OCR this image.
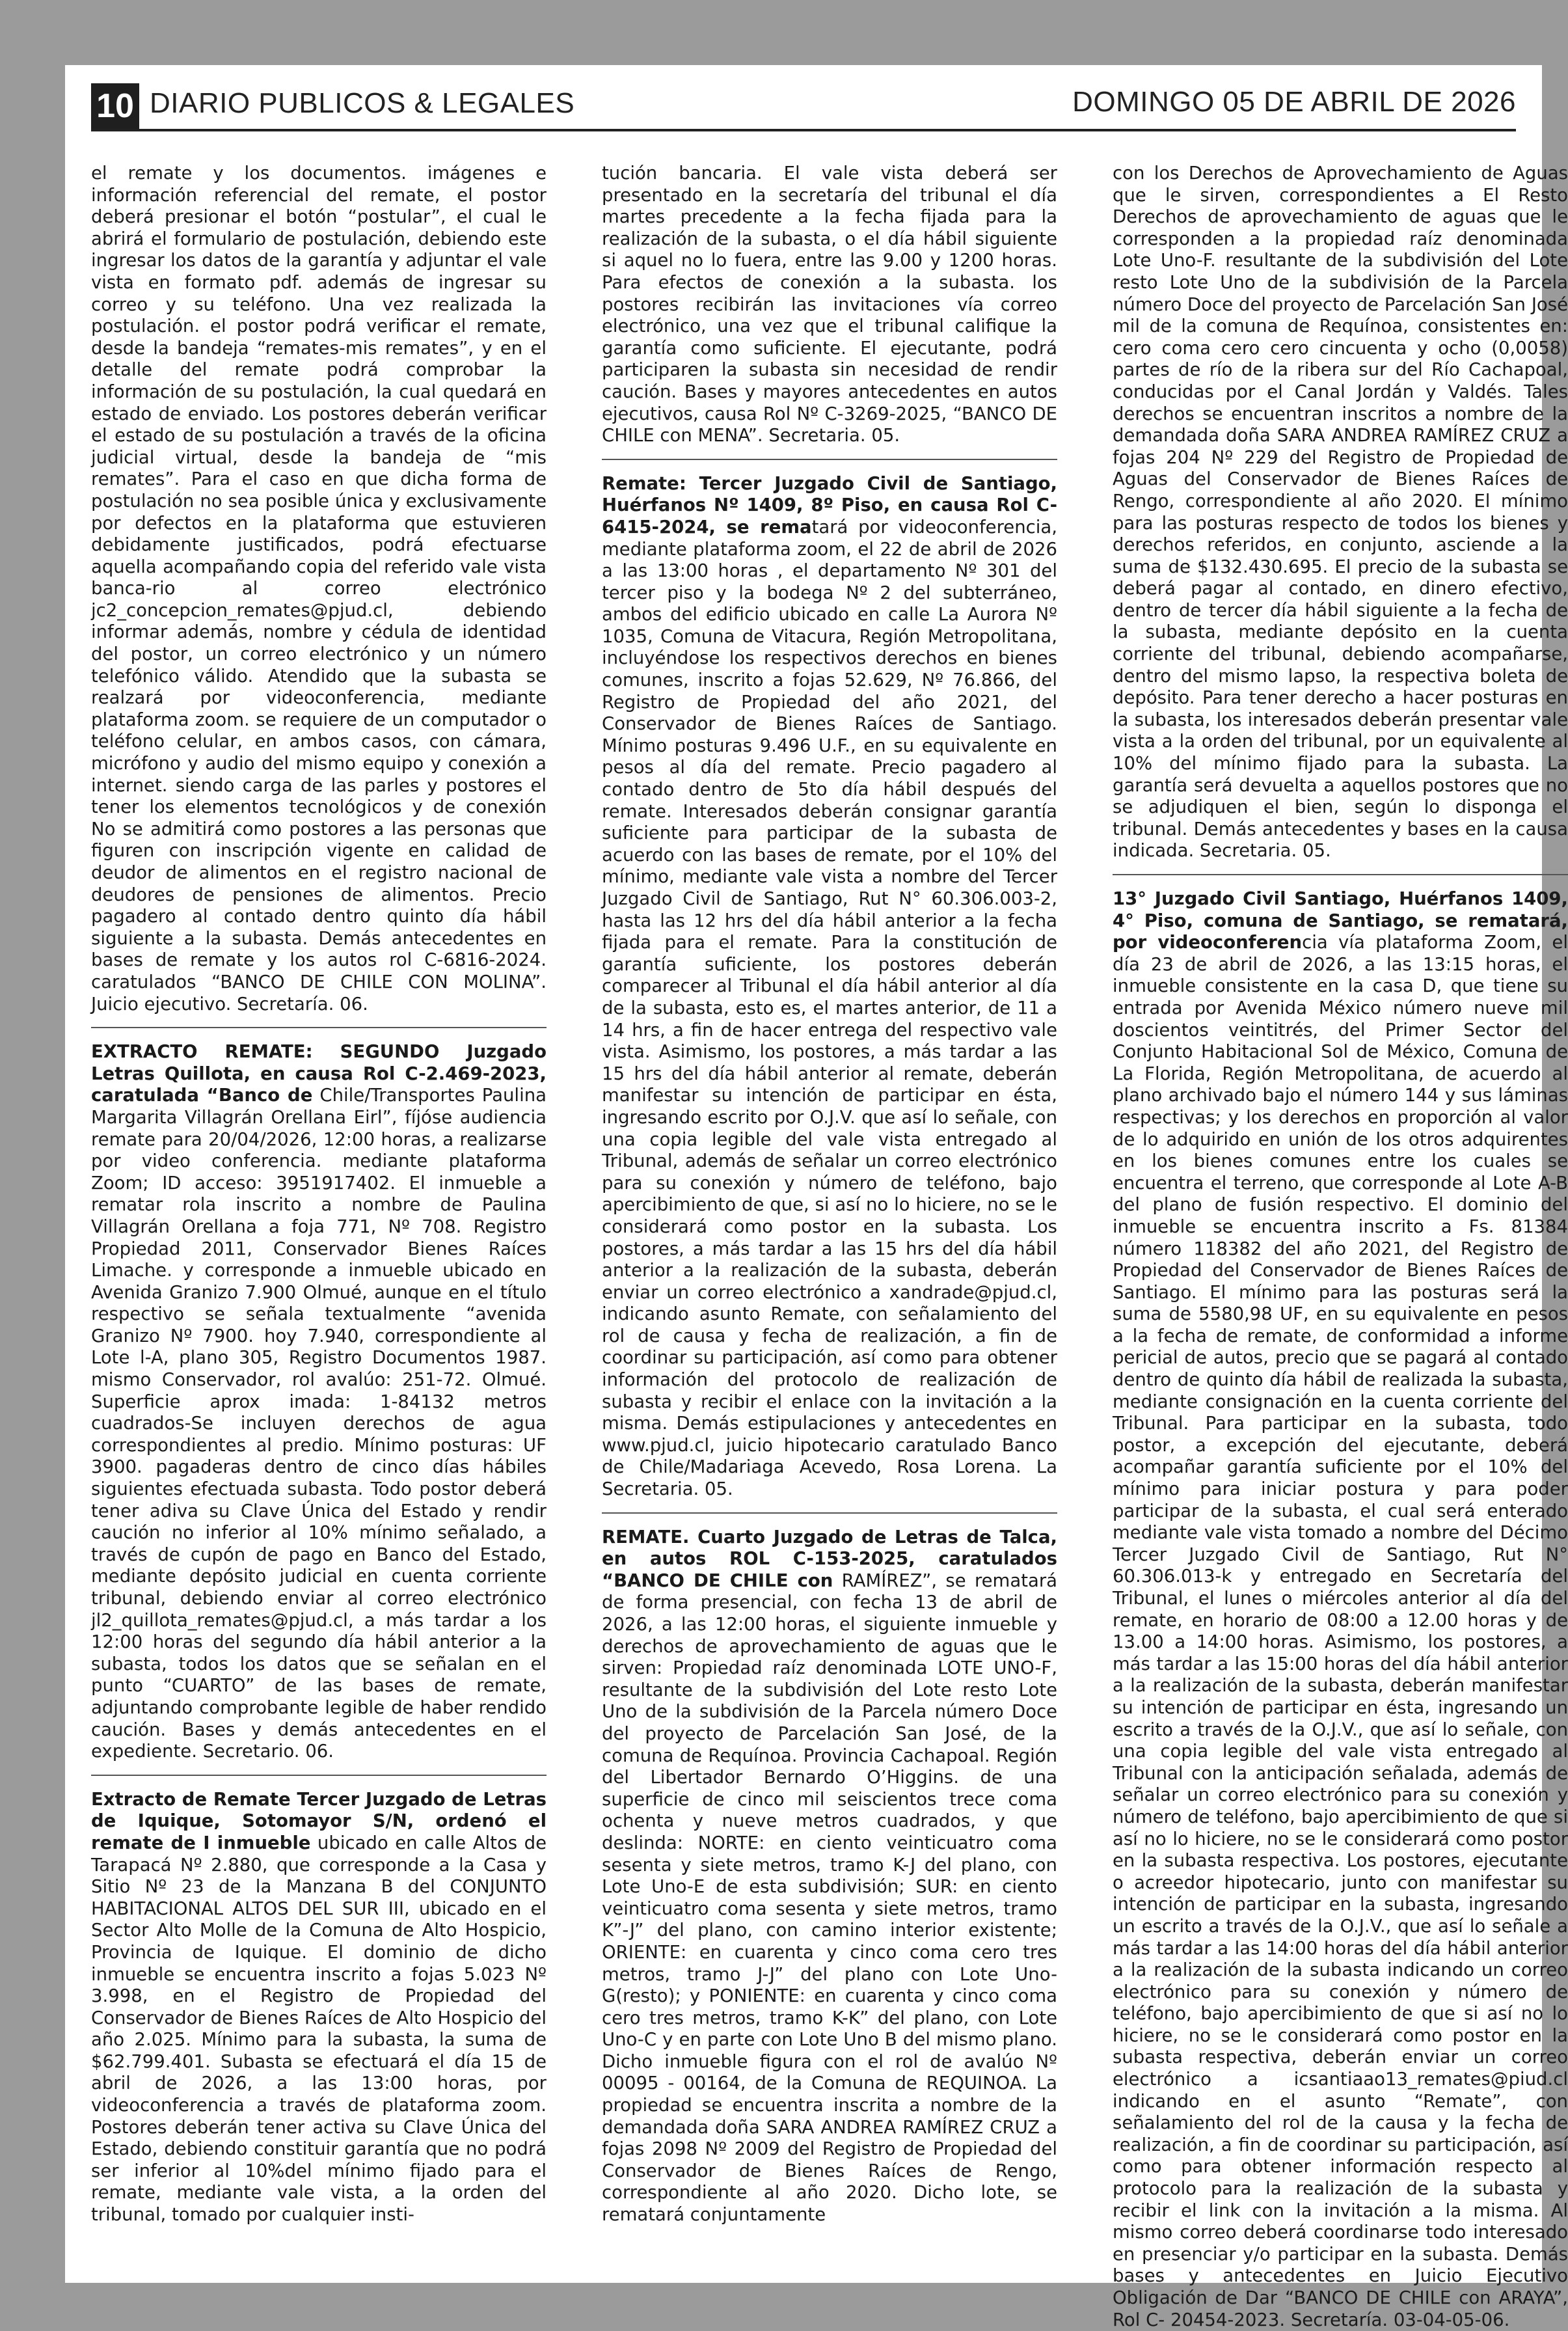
10 DIARIO PUBLICOS & LEGALES	DOMINGO 05 DE ABRIL DE 2026

el remate y los documentos. imágenes e información referencial del remate, el postor deberá presionar el botón “postular”, el cual le abrirá el formulario de postulación, debiendo este ingresar los datos de la garantía y adjuntar el vale vista en formato pdf. además de ingresar su correo y su teléfono. Una vez realizada la postulación. el postor podrá verificar el remate, desde la bandeja “remates-mis remates”, y en el detalle del remate podrá comprobar la información de su postulación, la cual quedará en estado de enviado. Los postores deberán verificar el estado de su postulación a través de la oficina judicial virtual, desde la bandeja de “mis remates”. Para el caso en que dicha forma de postulación no sea posible única y exclusivamente por defectos en la plataforma que estuvieren debidamente justificados, podrá efectuarse aquella acompañando copia del referido vale vista banca-rio al correo electrónico jc2_concepcion_remates@pjud.cl, debiendo informar además, nombre y cédula de identidad del postor, un correo electrónico y un número telefónico válido. Atendido que la subasta se realzará por videoconferencia, mediante plataforma zoom. se requiere de un computador o teléfono celular, en ambos casos, con cámara, micrófono y audio del mismo equipo y conexión a internet. siendo carga de las parles y postores el tener los elementos tecnológicos y de conexión No se admitirá como postores a las personas que figuren con inscripción vigente en calidad de deudor de alimentos en el registro nacional de deudores de pensiones de alimentos. Precio pagadero al contado dentro quinto día hábil siguiente a la subasta. Demás antecedentes en bases de remate y los autos rol C-6816-2024. caratulados “BANCO DE CHILE CON MOLINA”. Juicio ejecutivo. Secretaría. 06.

EXTRACTO REMATE: SEGUNDO Juzgado Letras Quillota, en causa Rol C-2.469-2023, caratulada “Banco de Chile/Transportes Paulina Margarita Villagrán Orellana Eirl”, fíjóse audiencia remate para 20/04/2026, 12:00 horas, a realizarse por video conferencia. mediante plataforma Zoom; ID acceso: 3951917402. El inmueble a rematar rola inscrito a nombre de Paulina Villagrán Orellana a foja 771, Nº 708. Registro Propiedad 2011, Conservador Bienes Raíces Limache. y corresponde a inmueble ubicado en Avenida Granizo 7.900 Olmué, aunque en el título respectivo se señala textualmente “avenida Granizo Nº 7900. hoy 7.940, correspondiente al Lote l-A, plano 305, Registro Documentos 1987. mismo Conservador, rol avalúo: 251-72. Olmué. Superficie aprox imada: 1-84132 metros cuadrados-Se incluyen derechos de agua correspondientes al predio. Mínimo posturas: UF 3900. pagaderas dentro de cinco días hábiles siguientes efectuada subasta. Todo postor deberá tener adiva su Clave Única del Estado y rendir caución no inferior al 10% mínimo señalado, a través de cupón de pago en Banco del Estado, mediante depósito judicial en cuenta corriente tribunal, debiendo enviar al correo electrónico jl2_quillota_remates@pjud.cl, a más tardar a los 12:00 horas del segundo día hábil anterior a la subasta, todos los datos que se señalan en el punto “CUARTO” de las bases de remate, adjuntando comprobante legible de haber rendido caución. Bases y demás antecedentes en el expediente. Secretario. 06.

Extracto de Remate Tercer Juzgado de Letras de Iquique, Sotomayor S/N, ordenó el remate de I inmueble ubicado en calle Altos de Tarapacá Nº 2.880, que corresponde a la Casa y Sitio Nº 23 de la Manzana B del CONJUNTO HABITACIONAL ALTOS DEL SUR III, ubicado en el Sector Alto Molle de la Comuna de Alto Hospicio, Provincia de Iquique. El dominio de dicho inmueble se encuentra inscrito a fojas 5.023 Nº 3.998, en el Registro de Propiedad del Conservador de Bienes Raíces de Alto Hospicio del año 2.025. Mínimo para la subasta, la suma de $62.799.401. Subasta se efectuará el día 15 de abril de 2026, a las 13:00 horas, por videoconferencia a través de plataforma zoom. Postores deberán tener activa su Clave Única del Estado, debiendo constituir garantía que no podrá ser inferior al 10%del mínimo fijado para el remate, mediante vale vista, a la orden del tribunal, tomado por cualquier insti-

tución bancaria. El vale vista deberá ser presentado en la secretaría del tribunal el día martes precedente a la fecha fijada para la realización de la subasta, o el día hábil siguiente si aquel no lo fuera, entre las 9.00 y 1200 horas. Para efectos de conexión a la subasta. los postores recibirán las invitaciones vía correo electrónico, una vez que el tribunal califique la garantía como suficiente. El ejecutante, podrá participaren la subasta sin necesidad de rendir caución. Bases y mayores antecedentes en autos ejecutivos, causa Rol Nº C-3269-2025, “BANCO DE CHILE con MENA”. Secretaria. 05.

Remate: Tercer Juzgado Civil de Santiago, Huérfanos Nº 1409, 8º Piso, en causa Rol C-6415-2024, se rematará por videoconferencia, mediante plataforma zoom, el 22 de abril de 2026 a las 13:00 horas , el departamento Nº 301 del tercer piso y la bodega Nº 2 del subterráneo, ambos del edificio ubicado en calle La Aurora Nº 1035, Comuna de Vitacura, Región Metropolitana, incluyéndose los respectivos derechos en bienes comunes, inscrito a fojas 52.629, Nº 76.866, del Registro de Propiedad del año 2021, del Conservador de Bienes Raíces de Santiago. Mínimo posturas 9.496 U.F., en su equivalente en pesos al día del remate. Precio pagadero al contado dentro de 5to día hábil después del remate. Interesados deberán consignar garantía suficiente para participar de la subasta de acuerdo con las bases de remate, por el 10% del mínimo, mediante vale vista a nombre del Tercer Juzgado Civil de Santiago, Rut N° 60.306.003-2, hasta las 12 hrs del día hábil anterior a la fecha fijada para el remate. Para la constitución de garantía suficiente, los postores deberán comparecer al Tribunal el día hábil anterior al día de la subasta, esto es, el martes anterior, de 11 a 14 hrs, a fin de hacer entrega del respectivo vale vista. Asimismo, los postores, a más tardar a las 15 hrs del día hábil anterior al remate, deberán manifestar su intención de participar en ésta, ingresando escrito por O.J.V. que así lo señale, con una copia legible del vale vista entregado al Tribunal, además de señalar un correo electrónico para su conexión y número de teléfono, bajo apercibimiento de que, si así no lo hiciere, no se le considerará como postor en la subasta. Los postores, a más tardar a las 15 hrs del día hábil anterior a la realización de la subasta, deberán enviar un correo electrónico a xandrade@pjud.cl, indicando asunto Remate, con señalamiento del rol de causa y fecha de realización, a fin de coordinar su participación, así como para obtener información del protocolo de realización de subasta y recibir el enlace con la invitación a la misma. Demás estipulaciones y antecedentes en www.pjud.cl, juicio hipotecario caratulado Banco de Chile/Madariaga Acevedo, Rosa Lorena. La Secretaria. 05.

REMATE. Cuarto Juzgado de Letras de Talca, en autos ROL C-153-2025, caratulados “BANCO DE CHILE con RAMÍREZ”, se rematará de forma presencial, con fecha 13 de abril de 2026, a las 12:00 horas, el siguiente inmueble y derechos de aprovechamiento de aguas que le sirven: Propiedad raíz denominada LOTE UNO-F, resultante de la subdivisión del Lote resto Lote Uno de la subdivisión de la Parcela número Doce del proyecto de Parcelación San José, de la comuna de Requínoa. Provincia Cachapoal. Región del Libertador Bernardo O’Higgins. de una superficie de cinco mil seiscientos trece coma ochenta y nueve metros cuadrados, y que deslinda: NORTE: en ciento veinticuatro coma sesenta y siete metros, tramo K-J del plano, con Lote Uno-E de esta subdivisión; SUR: en ciento veinticuatro coma sesenta y siete metros, tramo K”-J” del plano, con camino interior existente; ORIENTE: en cuarenta y cinco coma cero tres metros, tramo J-J” del plano con Lote Uno-G(resto); y PONIENTE: en cuarenta y cinco coma cero tres metros, tramo K-K” del plano, con Lote Uno-C y en parte con Lote Uno B del mismo plano. Dicho inmueble figura con el rol de avalúo Nº 00095 - 00164, de la Comuna de REQUINOA. La propiedad se encuentra inscrita a nombre de la demandada doña SARA ANDREA RAMÍREZ CRUZ a fojas 2098 Nº 2009 del Registro de Propiedad del Conservador de Bienes Raíces de Rengo, correspondiente al año 2020. Dicho lote, se rematará conjuntamente

con los Derechos de Aprovechamiento de Aguas que le sirven, correspondientes a El Resto Derechos de aprovechamiento de aguas que le corresponden a la propiedad raíz denominada Lote Uno-F. resultante de la subdivisión del Lote resto Lote Uno de la subdivisión de la Parcela número Doce del proyecto de Parcelación San José mil de la comuna de Requínoa, consistentes en: cero coma cero cero cincuenta y ocho (0,0058) partes de río de la ribera sur del Río Cachapoal, conducidas por el Canal Jordán y Valdés. Tales derechos se encuentran inscritos a nombre de la demandada doña SARA ANDREA RAMÍREZ CRUZ a fojas 204 Nº 229 del Registro de Propiedad de Aguas del Conservador de Bienes Raíces de Rengo, correspondiente al año 2020. El mínimo para las posturas respecto de todos los bienes y derechos referidos, en conjunto, asciende a la suma de $132.430.695. El precio de la subasta se deberá pagar al contado, en dinero efectivo, dentro de tercer día hábil siguiente a la fecha de la subasta, mediante depósito en la cuenta corriente del tribunal, debiendo acompañarse, dentro del mismo lapso, la respectiva boleta de depósito. Para tener derecho a hacer posturas en la subasta, los interesados deberán presentar vale vista a la orden del tribunal, por un equivalente al 10% del mínimo fijado para la subasta. La garantía será devuelta a aquellos postores que no se adjudiquen el bien, según lo disponga el tribunal. Demás antecedentes y bases en la causa indicada. Secretaria. 05.

13° Juzgado Civil Santiago, Huérfanos 1409, 4° Piso, comuna de Santiago, se rematará, por videoconferencia vía plataforma Zoom, el día 23 de abril de 2026, a las 13:15 horas, el inmueble consistente en la casa D, que tiene su entrada por Avenida México número nueve mil doscientos veintitrés, del Primer Sector del Conjunto Habitacional Sol de México, Comuna de La Florida, Región Metropolitana, de acuerdo al plano archivado bajo el número 144 y sus láminas respectivas; y los derechos en proporción al valor de lo adquirido en unión de los otros adquirentes en los bienes comunes entre los cuales se encuentra el terreno, que corresponde al Lote A-B del plano de fusión respectivo. El dominio del inmueble se encuentra inscrito a Fs. 81384 número 118382 del año 2021, del Registro de Propiedad del Conservador de Bienes Raíces de Santiago. El mínimo para las posturas será la suma de 5580,98 UF, en su equivalente en pesos a la fecha de remate, de conformidad a informe pericial de autos, precio que se pagará al contado dentro de quinto día hábil de realizada la subasta, mediante consignación en la cuenta corriente del Tribunal. Para participar en la subasta, todo postor, a excepción del ejecutante, deberá acompañar garantía suficiente por el 10% del mínimo para iniciar postura y para poder participar de la subasta, el cual será enterado mediante vale vista tomado a nombre del Décimo Tercer Juzgado Civil de Santiago, Rut N° 60.306.013-k y entregado en Secretaría del Tribunal, el lunes o miércoles anterior al día del remate, en horario de 08:00 a 12.00 horas y de 13.00 a 14:00 horas. Asimismo, los postores, a más tardar a las 15:00 horas del día hábil anterior a la realización de la subasta, deberán manifestar su intención de participar en ésta, ingresando un escrito a través de la O.J.V., que así lo señale, con una copia legible del vale vista entregado al Tribunal con la anticipación señalada, además de señalar un correo electrónico para su conexión y número de teléfono, bajo apercibimiento de que si así no lo hiciere, no se le considerará como postor en la subasta respectiva. Los postores, ejecutante o acreedor hipotecario, junto con manifestar su intención de participar en la subasta, ingresando un escrito a través de la O.J.V., que así lo señale a más tardar a las 14:00 horas del día hábil anterior a la realización de la subasta indicando un correo electrónico para su conexión y número de teléfono, bajo apercibimiento de que si así no lo hiciere, no se le considerará como postor en la subasta respectiva, deberán enviar un correo electrónico a icsantiaao13_remates@piud.cl indicando en el asunto “Remate”, con señalamiento del rol de la causa y la fecha de realización, a fin de coordinar su participación, así como para obtener información respecto al protocolo para la realización de la subasta y recibir el link con la invitación a la misma. Al mismo correo deberá coordinarse todo interesado en presenciar y/o participar en la subasta. Demás bases y antecedentes en Juicio Ejecutivo Obligación de Dar “BANCO DE CHILE con ARAYA”, Rol C- 20454-2023. Secretaría. 03-04-05-06.
